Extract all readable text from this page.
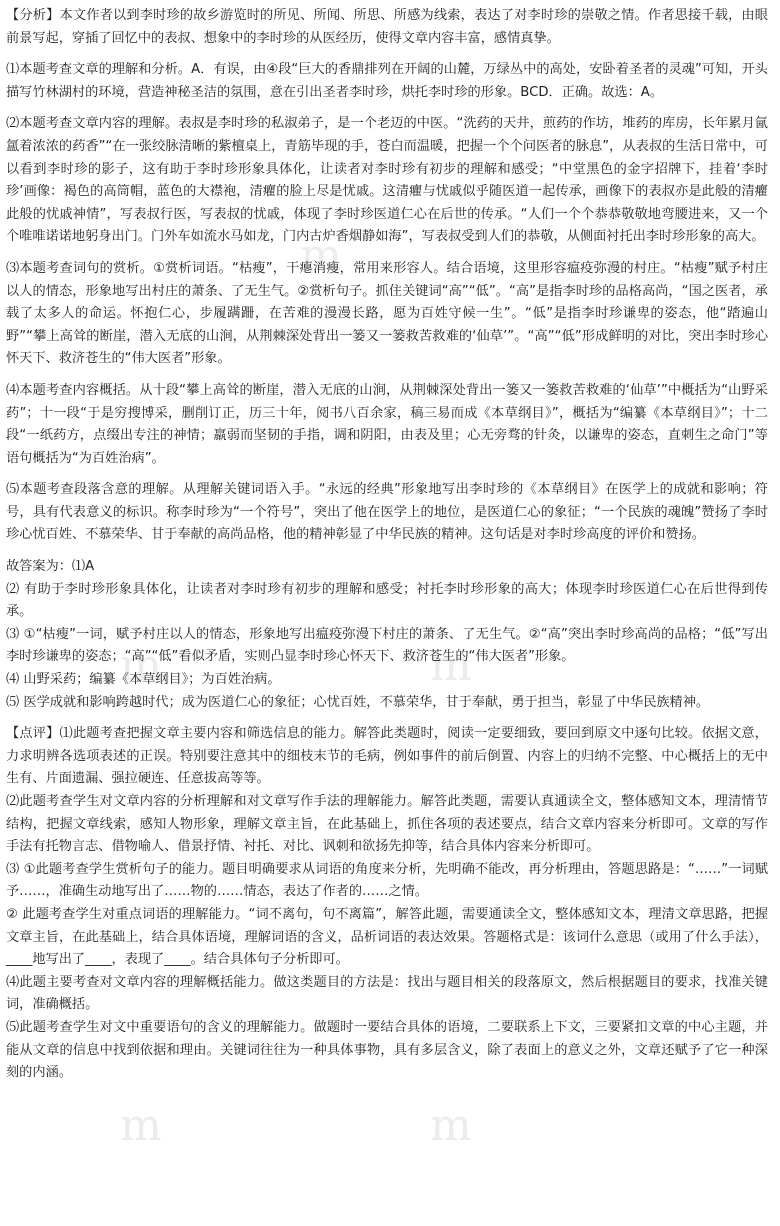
m
m	m
m	m

【分析】本文作者以到李时珍的故乡游览时的所见、所闻、所思、所感为线索，表达了对李时珍的崇敬之情。作者思接千载，由眼前景写起，穿插了回忆中的表叔、想象中的李时珍的从医经历，使得文章内容丰富，感情真挚。

⑴本题考查文章的理解和分析。A．有误，由④段“巨大的香鼎排列在开阔的山麓，万绿丛中的高处，安卧着圣者的灵魂”可知，开头描写竹林湖村的环境，营造神秘圣洁的氛围，意在引出圣者李时珍，烘托李时珍的形象。BCD．正确。故选：A。

⑵本题考查文章内容的理解。表叔是李时珍的私淑弟子，是一个老迈的中医。“洗药的天井，煎药的作坊，堆药的库房，长年累月氤氲着浓浓的药香”“在一张绞脉清晰的紫檀桌上，青筋毕现的手，苍白而温暖，把握一个个问医者的脉息”，从表叔的生活日常中，可以看到李时珍的影子，这有助于李时珍形象具体化，让读者对李时珍有初步的理解和感受；“中堂黑色的金字招牌下，挂着‘李时珍’画像：褐色的高筒帽，蓝色的大襟袍，清癯的脸上尽是忧戚。这清癯与忧戚似乎随医道一起传承，画像下的表叔亦是此般的清癯此般的忧戚神情”，写表叔行医，写表叔的忧戚，体现了李时珍医道仁心在后世的传承。“人们一个个恭恭敬敬地弯腰进来，又一个个唯唯诺诺地躬身出门。门外车如流水马如龙，门内古炉香烟静如海”，写表叔受到人们的恭敬，从侧面衬托出李时珍形象的高大。

⑶本题考查词句的赏析。①赏析词语。“枯瘦”，干瘪消瘦，常用来形容人。结合语境，这里形容瘟疫弥漫的村庄。“枯瘦”赋予村庄以人的情态，形象地写出村庄的萧条、了无生气。②赏析句子。抓住关键词“高”“低”。“高”是指李时珍的品格高尚，“国之医者，承载了太多人的命运。怀抱仁心，步履蹒跚，在苦难的漫漫长路，愿为百姓守候一生”。“低”是指李时珍谦卑的姿态，他“踏遍山野”“攀上高耸的断崖，潜入无底的山涧，从荆棘深处背出一篓又一篓救苦救难的‘仙草’”。“高”“低”形成鲜明的对比，突出李时珍心怀天下、救济苍生的“伟大医者”形象。

⑷本题考查内容概括。从十段“攀上高耸的断崖，潜入无底的山涧，从荆棘深处背出一篓又一篓救苦救难的‘仙草’”中概括为“山野采药”；十一段“于是穷搜博采，删削订正，历三十年，阅书八百余家，稿三易而成《本草纲目》”，概括为“编纂《本草纲目》”；十二段“一纸药方，点缀出专注的神情；羸弱而坚韧的手指，调和阴阳，由表及里；心无旁骛的针灸，以谦卑的姿态，直刺生之命门”等语句概括为“为百姓治病”。

⑸本题考查段落含意的理解。从理解关键词语入手。“永远的经典”形象地写出李时珍的《本草纲目》在医学上的成就和影响；符号，具有代表意义的标识。称李时珍为“一个符号”，突出了他在医学上的地位，是医道仁心的象征；“一个民族的魂魄”赞扬了李时珍心忧百姓、不慕荣华、甘于奉献的高尚品格，他的精神彰显了中华民族的精神。这句话是对李时珍高度的评价和赞扬。

故答案为：⑴A

⑵ 有助于李时珍形象具体化，让读者对李时珍有初步的理解和感受；衬托李时珍形象的高大；体现李时珍医道仁心在后世得到传承。

⑶ ①“枯瘦”一词，赋予村庄以人的情态，形象地写出瘟疫弥漫下村庄的萧条、了无生气。②“高”突出李时珍高尚的品格；“低”写出李时珍谦卑的姿态；“高”“低”看似矛盾，实则凸显李时珍心怀天下、救济苍生的“伟大医者”形象。

⑷ 山野采药；编纂《本草纲目》；为百姓治病。

⑸ 医学成就和影响跨越时代；成为医道仁心的象征；心忧百姓，不慕荣华，甘于奉献，勇于担当，彰显了中华民族精神。

【点评】⑴此题考查把握文章主要内容和筛选信息的能力。解答此类题时，阅读一定要细致，要回到原文中逐句比较。依据文意，力求明辨各选项表述的正误。特别要注意其中的细枝末节的毛病，例如事件的前后倒置、内容上的归纳不完整、中心概括上的无中生有、片面遗漏、强拉硬连、任意拔高等等。

⑵此题考查学生对文章内容的分析理解和对文章写作手法的理解能力。解答此类题，需要认真通读全文，整体感知文本，理清情节结构，把握文章线索，感知人物形象，理解文章主旨，在此基础上，抓住各项的表述要点，结合文章内容来分析即可。文章的写作手法有托物言志、借物喻人、借景抒情、衬托、对比、讽刺和欲扬先抑等，结合具体内容来分析即可。

⑶ ①此题考查学生赏析句子的能力。题目明确要求从词语的角度来分析，先明确不能改，再分析理由，答题思路是：“……”一词赋予……，准确生动地写出了……物的……情态，表达了作者的……之情。

② 此题考查学生对重点词语的理解能力。“词不离句，句不离篇”，解答此题，需要通读全文，整体感知文本，理清文章思路，把握文章主旨，在此基础上，结合具体语境，理解词语的含义，品析词语的表达效果。答题格式是：该词什么意思（或用了什么手法），____地写出了____，表现了____。结合具体句子分析即可。

⑷此题主要考查对文章内容的理解概括能力。做这类题目的方法是：找出与题目相关的段落原文，然后根据题目的要求，找准关键词，准确概括。

⑸此题考查学生对文中重要语句的含义的理解能力。做题时一要结合具体的语境，二要联系上下文，三要紧扣文章的中心主题，并能从文章的信息中找到依据和理由。关键词往往为一种具体事物，具有多层含义，除了表面上的意义之外，文章还赋予了它一种深刻的内涵。
